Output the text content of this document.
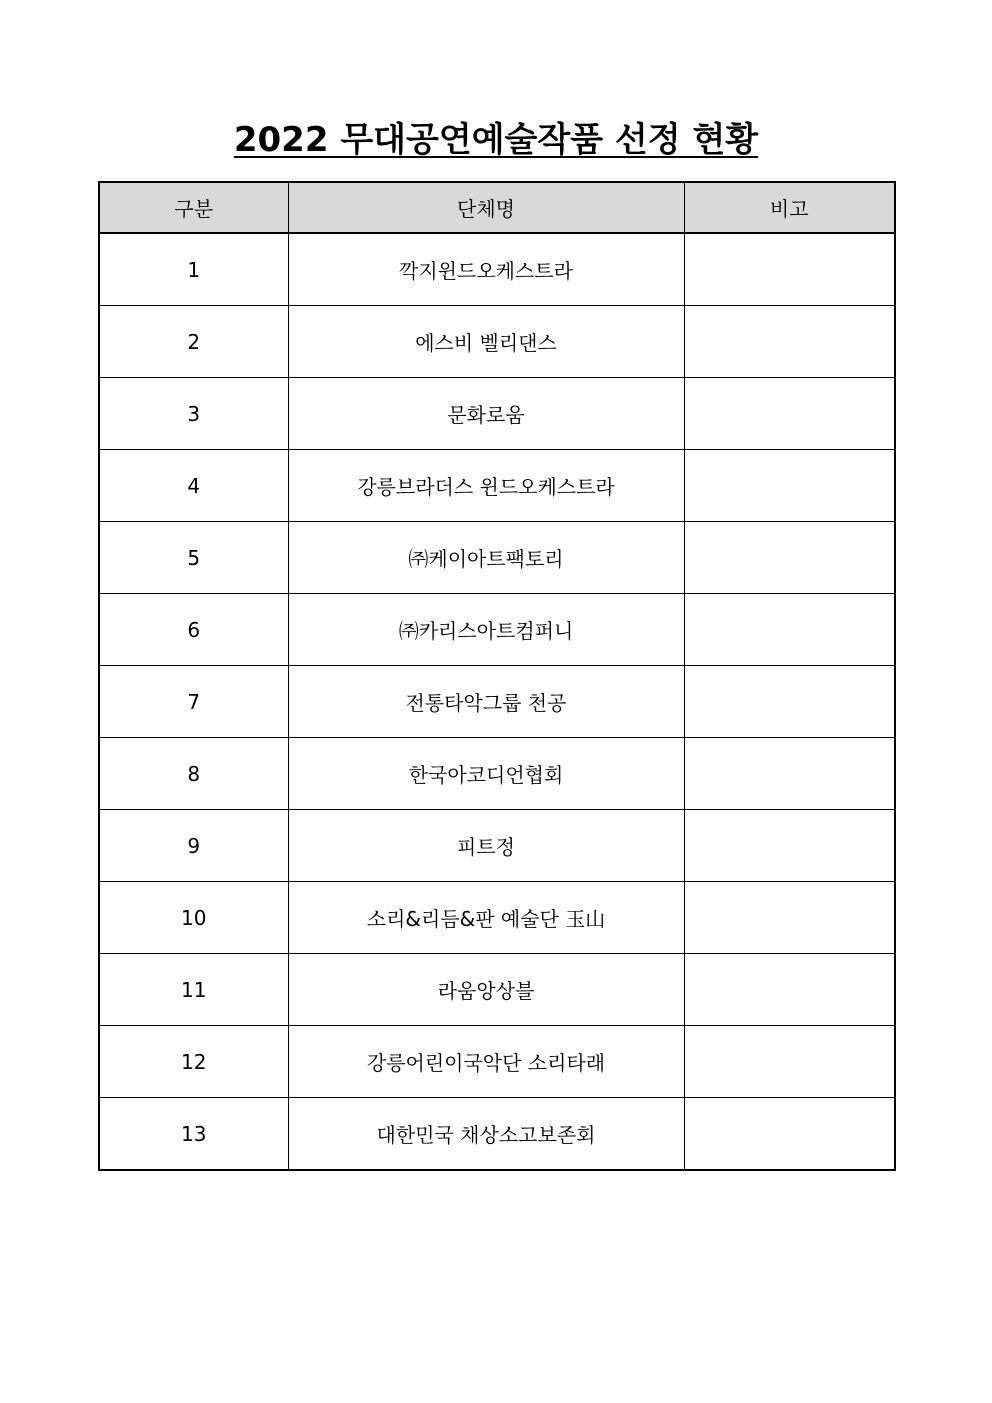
2022 무대공연예술작품 선정 현황
구분	단체명	비고
1	깍지윈드오케스트라	
2	에스비 벨리댄스	
3	문화로움	
4	강릉브라더스 윈드오케스트라	
5	㈜케이아트팩토리	
6	㈜카리스아트컴퍼니	
7	전통타악그룹 천공	
8	한국아코디언협회	
9	피트정	
10	소리&리듬&판 예술단 玉山	
11	라움앙상블	
12	강릉어린이국악단 소리타래	
13	대한민국 채상소고보존회	
